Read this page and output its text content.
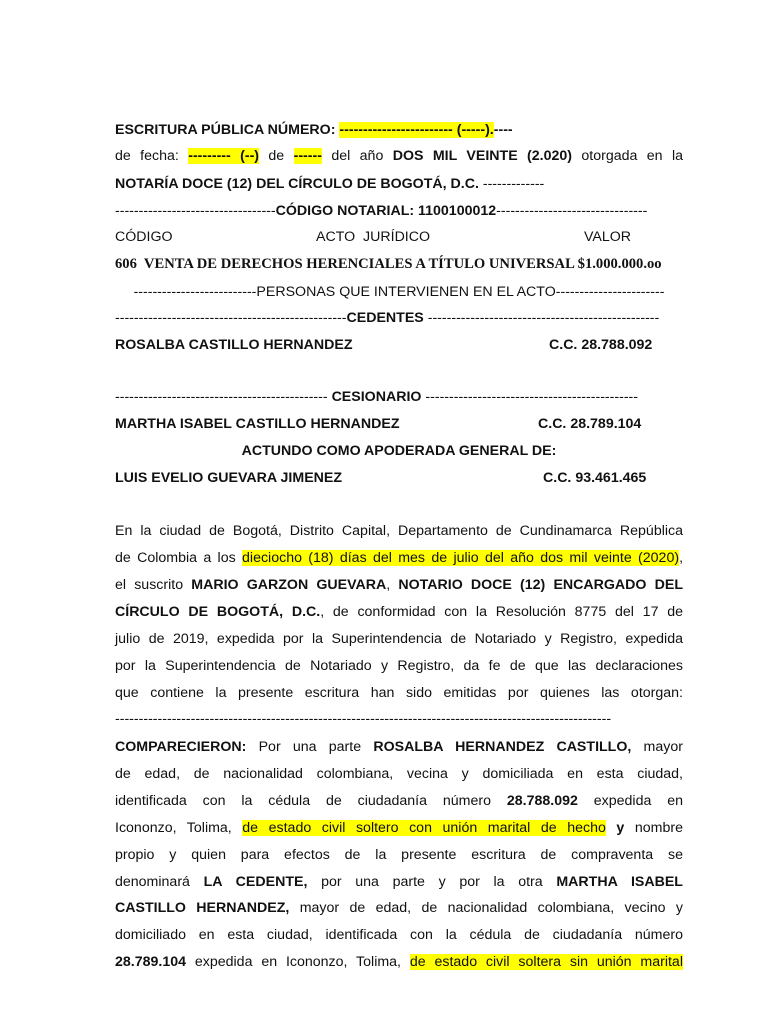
ESCRITURA PÚBLICA NÚMERO: ------------------------ (-----).----
de fecha: --------- (--) de ------ del año DOS MIL VEINTE (2.020) otorgada en la
NOTARÍA DOCE (12) DEL CÍRCULO DE BOGOTÁ, D.C. -------------
----------------------------------CÓDIGO NOTARIAL: 1100100012--------------------------------
CÓDIGO	ACTO  JURÍDICO	VALOR
606  VENTA DE DERECHOS HERENCIALES A TÍTULO UNIVERSAL $1.000.000.oo
--------------------------PERSONAS QUE INTERVIENEN EN EL ACTO-----------------------
-------------------------------------------------CEDENTES -------------------------------------------------
ROSALBA CASTILLO HERNANDEZ	C.C. 28.788.092
--------------------------------------------- CESIONARIO ---------------------------------------------
MARTHA ISABEL CASTILLO HERNANDEZ	C.C. 28.789.104
ACTUNDO COMO APODERADA GENERAL DE:
LUIS EVELIO GUEVARA JIMENEZ	C.C. 93.461.465
En la ciudad de Bogotá, Distrito Capital, Departamento de Cundinamarca República
de Colombia a los dieciocho (18) días del mes de julio del año dos mil veinte (2020),
el suscrito MARIO GARZON GUEVARA, NOTARIO DOCE (12) ENCARGADO DEL
CÍRCULO DE BOGOTÁ, D.C., de conformidad con la Resolución 8775 del 17 de
julio de 2019, expedida por la Superintendencia de Notariado y Registro, expedida
por la Superintendencia de Notariado y Registro, da fe de que las declaraciones
que contiene la presente escritura han sido emitidas por quienes las otorgan:
---------------------------------------------------------------------------------------------------------
COMPARECIERON: Por una parte ROSALBA HERNANDEZ CASTILLO, mayor
de edad, de nacionalidad colombiana, vecina y domiciliada en esta ciudad,
identificada con la cédula de ciudadanía número 28.788.092 expedida en
Icononzo, Tolima, de estado civil soltero con unión marital de hecho y nombre
propio y quien para efectos de la presente escritura de compraventa se
denominará LA CEDENTE, por una parte y por la otra MARTHA ISABEL
CASTILLO HERNANDEZ, mayor de edad, de nacionalidad colombiana, vecino y
domiciliado en esta ciudad, identificada con la cédula de ciudadanía número
28.789.104 expedida en Icononzo, Tolima, de estado civil soltera sin unión marital
